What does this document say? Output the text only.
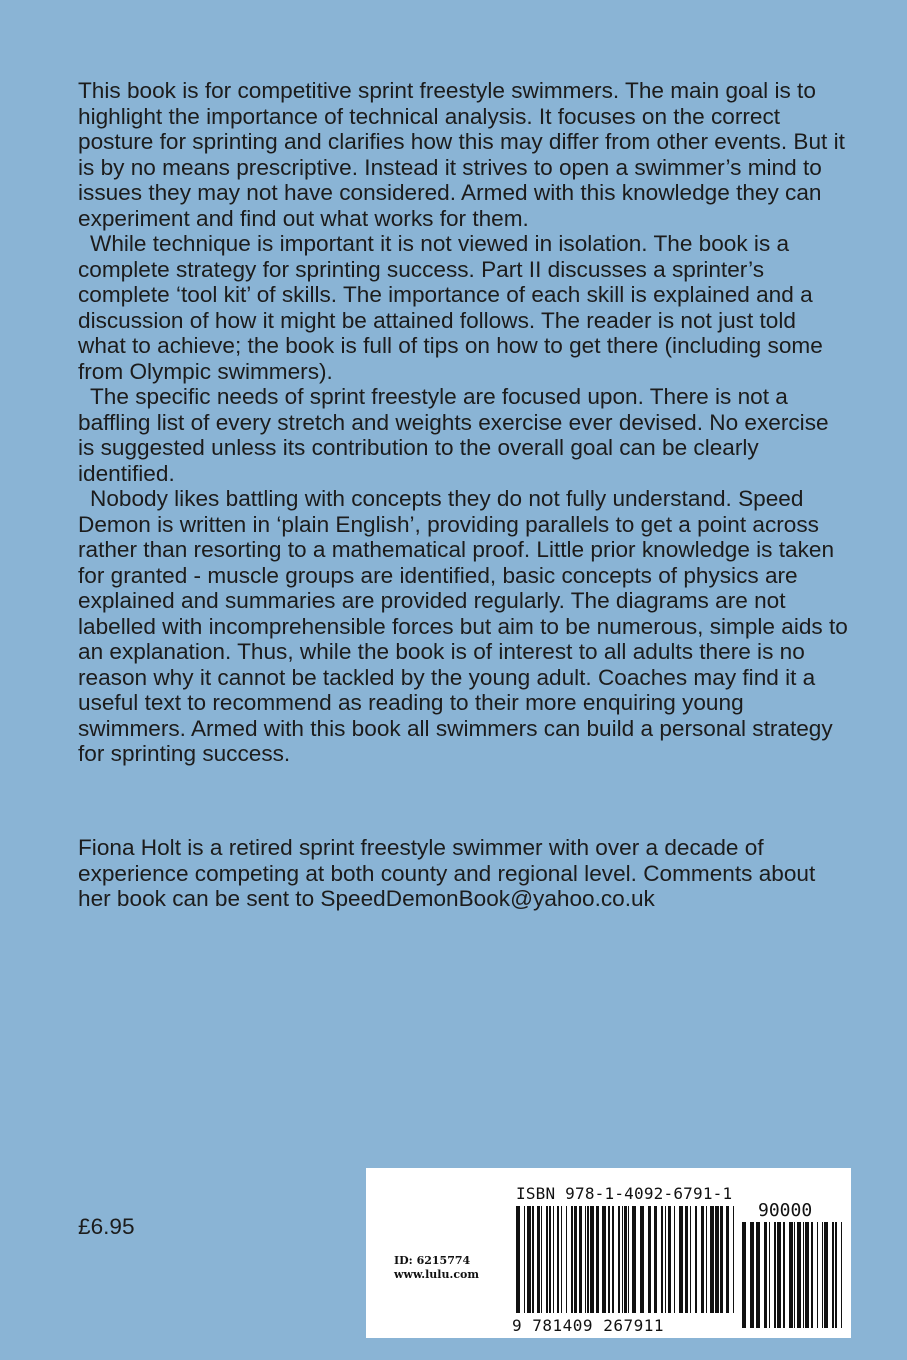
This book is for competitive sprint freestyle swimmers. The main goal is to highlight the importance of technical analysis. It focuses on the correct posture for sprinting and clarifies how this may differ from other events. But it is by no means prescriptive. Instead it strives to open a swimmer’s mind to issues they may not have considered. Armed with this knowledge they can experiment and find out what works for them.

While technique is important it is not viewed in isolation. The book is a complete strategy for sprinting success. Part II discusses a sprinter’s complete ‘tool kit’ of skills. The importance of each skill is explained and a discussion of how it might be attained follows. The reader is not just told what to achieve; the book is full of tips on how to get there (including some from Olympic swimmers).

The specific needs of sprint freestyle are focused upon. There is not a baffling list of every stretch and weights exercise ever devised. No exercise is suggested unless its contribution to the overall goal can be clearly identified.

Nobody likes battling with concepts they do not fully understand. Speed Demon is written in ‘plain English’, providing parallels to get a point across rather than resorting to a mathematical proof. Little prior knowledge is taken for granted - muscle groups are identified, basic concepts of physics are explained and summaries are provided regularly. The diagrams are not labelled with incomprehensible forces but aim to be numerous, simple aids to an explanation. Thus, while the book is of interest to all adults there is no reason why it cannot be tackled by the young adult. Coaches may find it a useful text to recommend as reading to their more enquiring young swimmers. Armed with this book all swimmers can build a personal strategy for sprinting success.

Fiona Holt is a retired sprint freestyle swimmer with over a decade of experience competing at both county and regional level. Comments about her book can be sent to SpeedDemonBook@yahoo.co.uk

£6.95
ISBN 978-1-4092-6791-1
90000
ID: 6215774
www.lulu.com
9 781409 267911
